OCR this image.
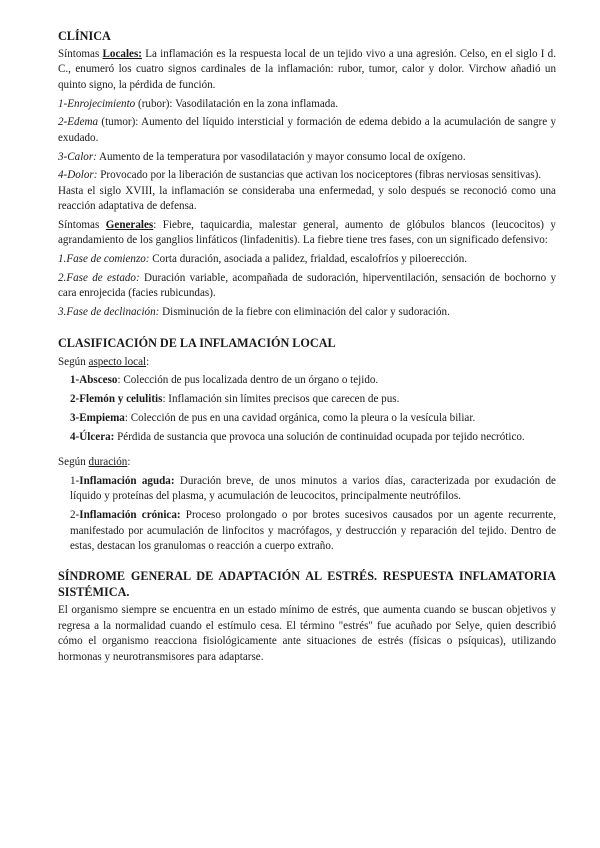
CLÍNICA

Síntomas Locales: La inflamación es la respuesta local de un tejido vivo a una agresión. Celso, en el siglo I d. C., enumeró los cuatro signos cardinales de la inflamación: rubor, tumor, calor y dolor. Virchow añadió un quinto signo, la pérdida de función.

1-Enrojecimiento (rubor): Vasodilatación en la zona inflamada.

2-Edema (tumor): Aumento del líquido intersticial y formación de edema debido a la acumulación de sangre y exudado.

3-Calor: Aumento de la temperatura por vasodilatación y mayor consumo local de oxígeno.

4-Dolor: Provocado por la liberación de sustancias que activan los nociceptores (fibras nerviosas sensitivas).

Hasta el siglo XVIII, la inflamación se consideraba una enfermedad, y solo después se reconoció como una reacción adaptativa de defensa.

Síntomas Generales: Fiebre, taquicardia, malestar general, aumento de glóbulos blancos (leucocitos) y agrandamiento de los ganglios linfáticos (linfadenitis). La fiebre tiene tres fases, con un significado defensivo:

1.Fase de comienzo: Corta duración, asociada a palidez, frialdad, escalofríos y piloerección.

2.Fase de estado: Duración variable, acompañada de sudoración, hiperventilación, sensación de bochorno y cara enrojecida (facies rubicundas).

3.Fase de declinación: Disminución de la fiebre con eliminación del calor y sudoración.

CLASIFICACIÓN DE LA INFLAMACIÓN LOCAL

Según aspecto local:

1-Absceso: Colección de pus localizada dentro de un órgano o tejido.

2-Flemón y celulitis: Inflamación sin límites precisos que carecen de pus.

3-Empiema: Colección de pus en una cavidad orgánica, como la pleura o la vesícula biliar.

4-Úlcera: Pérdida de sustancia que provoca una solución de continuidad ocupada por tejido necrótico.

Según duración:

1-Inflamación aguda: Duración breve, de unos minutos a varios días, caracterizada por exudación de líquido y proteínas del plasma, y acumulación de leucocitos, principalmente neutrófilos.

2-Inflamación crónica: Proceso prolongado o por brotes sucesivos causados por un agente recurrente, manifestado por acumulación de linfocitos y macrófagos, y destrucción y reparación del tejido. Dentro de estas, destacan los granulomas o reacción a cuerpo extraño.

SÍNDROME GENERAL DE ADAPTACIÓN AL ESTRÉS. RESPUESTA INFLAMATORIA SISTÉMICA.

El organismo siempre se encuentra en un estado mínimo de estrés, que aumenta cuando se buscan objetivos y regresa a la normalidad cuando el estímulo cesa. El término "estrés" fue acuñado por Selye, quien describió cómo el organismo reacciona fisiológicamente ante situaciones de estrés (físicas o psíquicas), utilizando hormonas y neurotransmisores para adaptarse.
